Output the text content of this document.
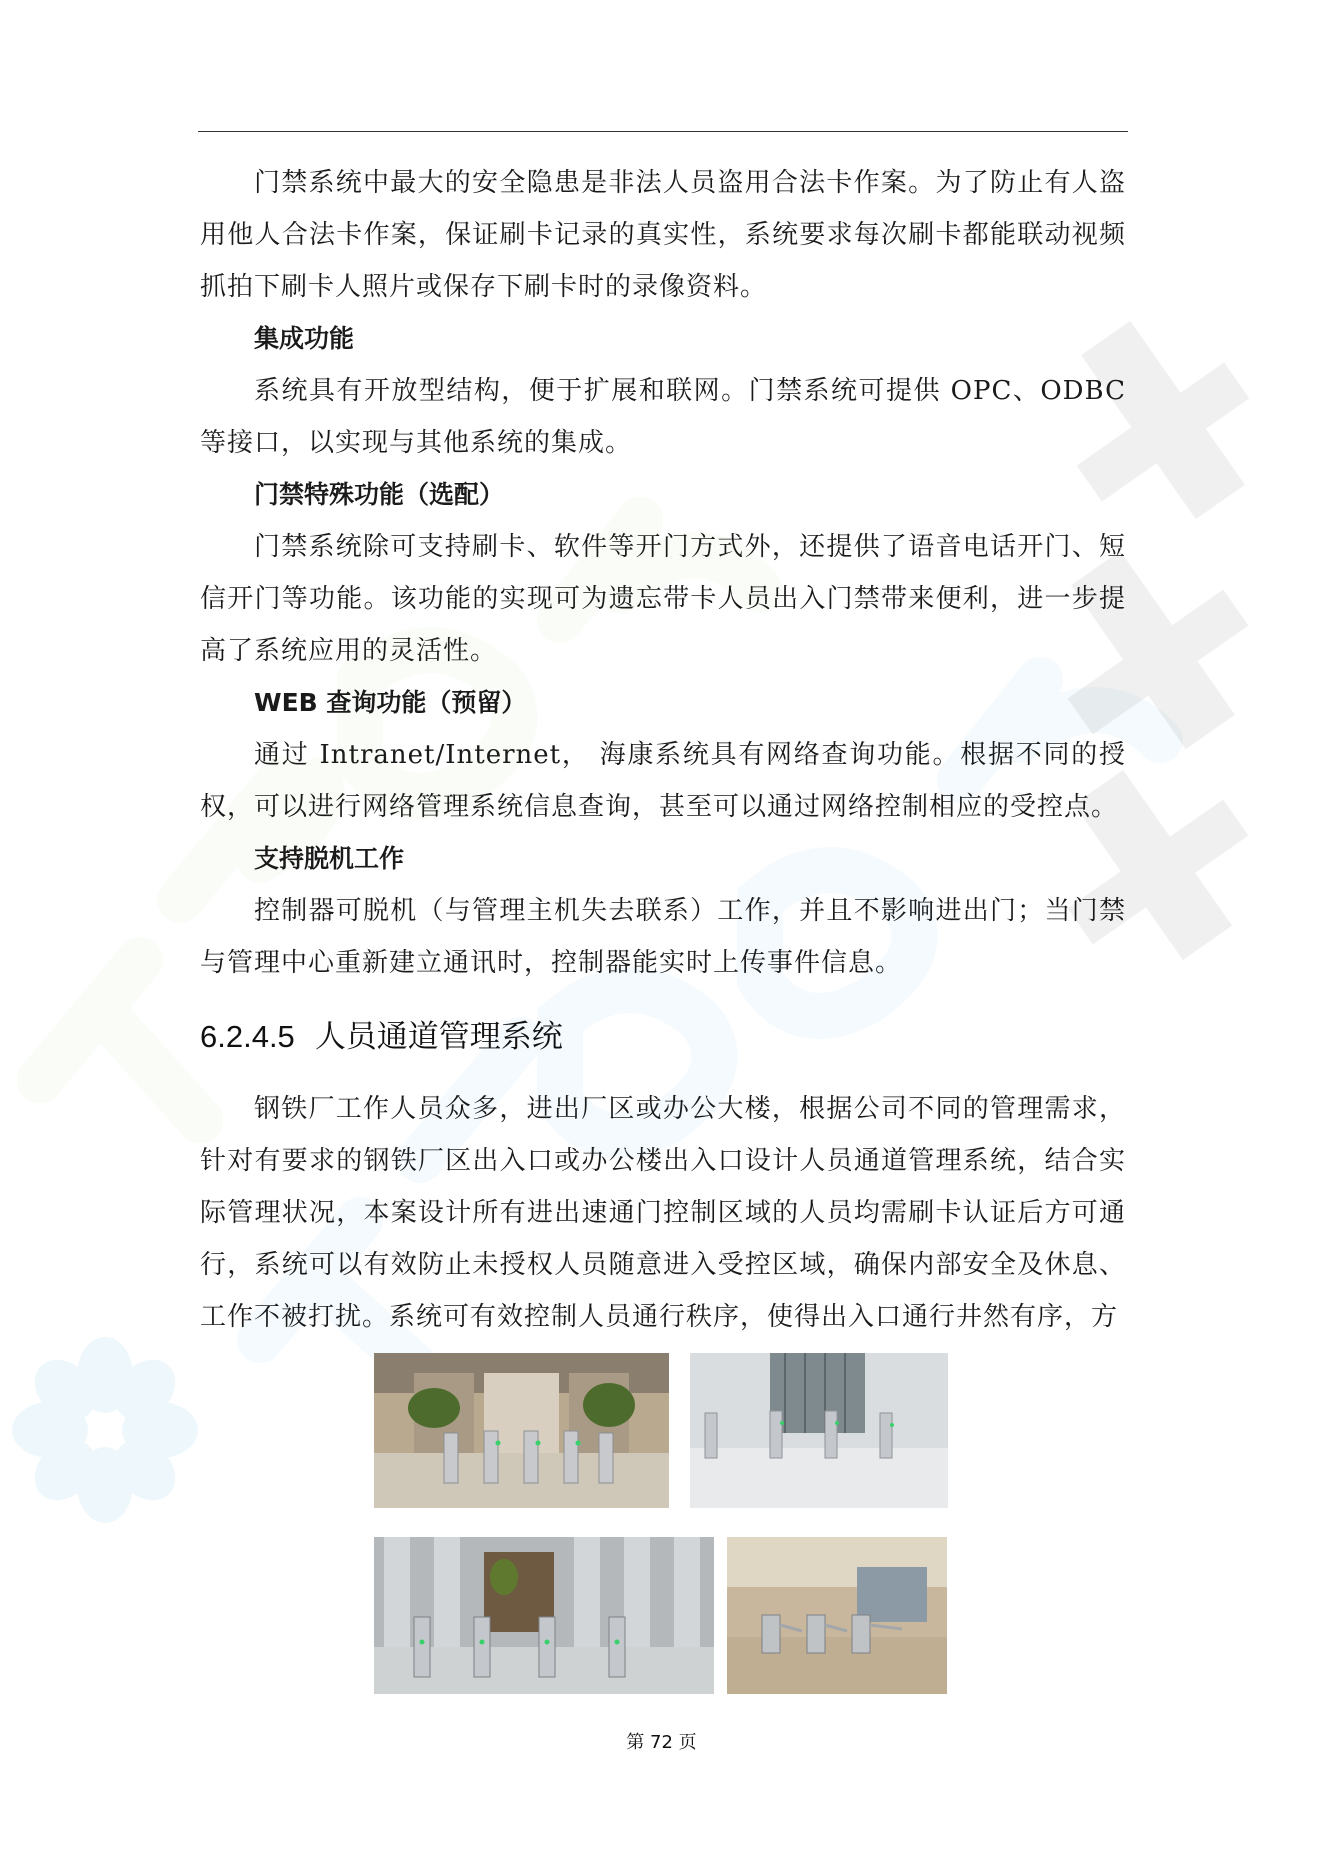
门禁系统中最大的安全隐患是非法人员盗用合法卡作案。为了防止有人盗用他人合法卡作案，保证刷卡记录的真实性，系统要求每次刷卡都能联动视频抓拍下刷卡人照片或保存下刷卡时的录像资料。

集成功能

系统具有开放型结构，便于扩展和联网。门禁系统可提供 OPC、ODBC 等接口，以实现与其他系统的集成。

门禁特殊功能（选配）

门禁系统除可支持刷卡、软件等开门方式外，还提供了语音电话开门、短信开门等功能。该功能的实现可为遗忘带卡人员出入门禁带来便利，进一步提高了系统应用的灵活性。

WEB 查询功能（预留）

通过 Intranet/Internet， 海康系统具有网络查询功能。根据不同的授权，可以进行网络管理系统信息查询，甚至可以通过网络控制相应的受控点。

支持脱机工作

控制器可脱机（与管理主机失去联系）工作，并且不影响进出门；当门禁与管理中心重新建立通讯时，控制器能实时上传事件信息。

6.2.4.5 人员通道管理系统

钢铁厂工作人员众多，进出厂区或办公大楼，根据公司不同的管理需求，针对有要求的钢铁厂区出入口或办公楼出入口设计人员通道管理系统，结合实际管理状况，本案设计所有进出速通门控制区域的人员均需刷卡认证后方可通行，系统可以有效防止未授权人员随意进入受控区域，确保内部安全及休息、工作不被打扰。系统可有效控制人员通行秩序，使得出入口通行井然有序，方

第 72 页
